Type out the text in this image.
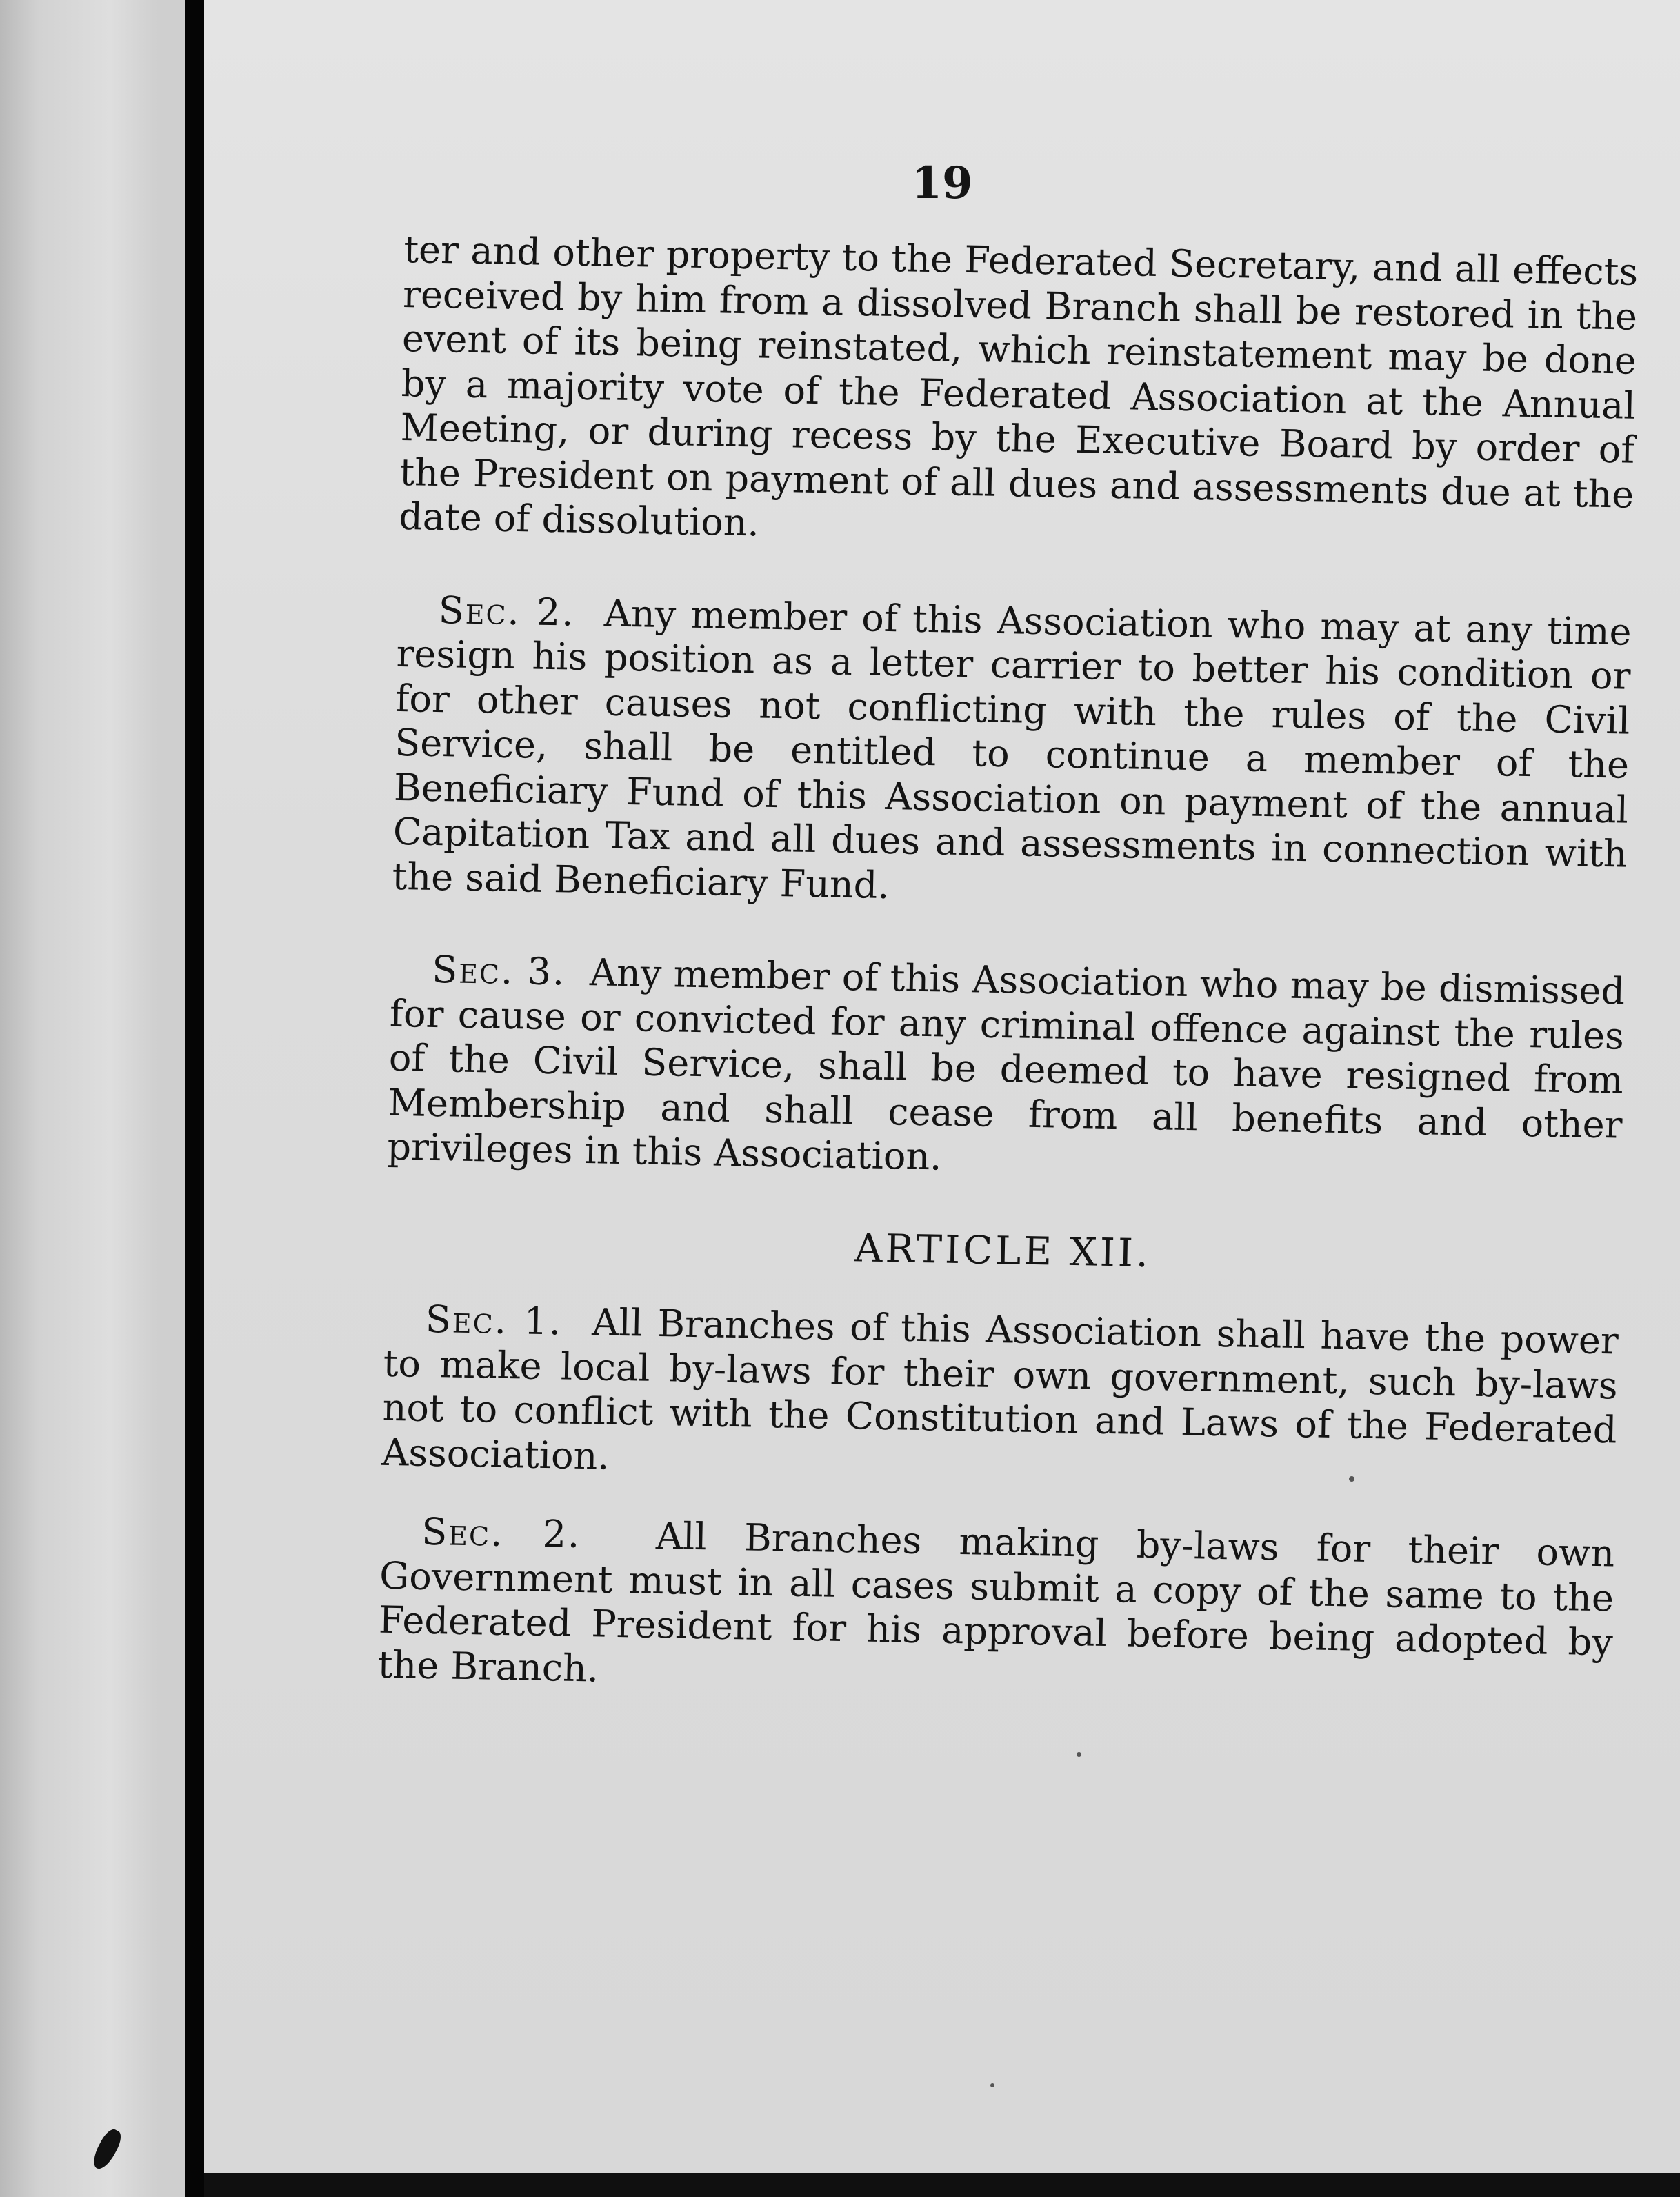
19

ter and other property to the Federated Secretary, and all effects received by him from a dissolved Branch shall be restored in the event of its being reinstated, which reinstatement may be done by a majority vote of the Federated Association at the Annual Meeting, or during recess by the Executive Board by order of the President on payment of all dues and assessments due at the date of dissolution.

Sec. 2. Any member of this Association who may at any time resign his position as a letter carrier to better his condition or for other causes not conflicting with the rules of the Civil Service, shall be entitled to continue a member of the Beneficiary Fund of this Association on payment of the annual Capitation Tax and all dues and assessments in connection with the said Beneficiary Fund.

Sec. 3. Any member of this Association who may be dismissed for cause or convicted for any criminal offence against the rules of the Civil Service, shall be deemed to have resigned from Membership and shall cease from all benefits and other privileges in this Association.

ARTICLE XII.

Sec. 1. All Branches of this Association shall have the power to make local by-laws for their own government, such by-laws not to conflict with the Constitution and Laws of the Federated Association.

Sec. 2. All Branches making by-laws for their own Government must in all cases submit a copy of the same to the Federated President for his approval before being adopted by the Branch.
